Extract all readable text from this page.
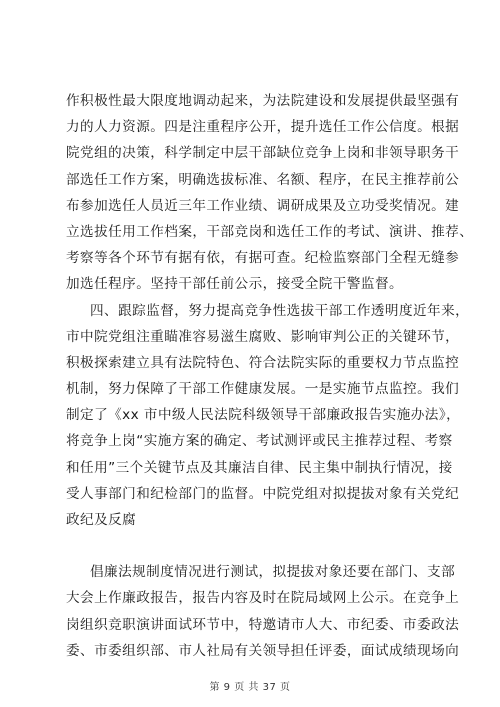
作积极性最大限度地调动起来，为法院建设和发展提供最坚强有
力的人力资源。四是注重程序公开，提升选任工作公信度。根据
院党组的决策，科学制定中层干部缺位竞争上岗和非领导职务干
部选任工作方案，明确选拔标准、名额、程序，在民主推荐前公
布参加选任人员近三年工作业绩、调研成果及立功受奖情况。建
立选拔任用工作档案，干部竞岗和选任工作的考试、演讲、推荐、
考察等各个环节有据有依，有据可查。纪检监察部门全程无缝参
加选任程序。坚持干部任前公示，接受全院干警监督。
四、跟踪监督，努力提高竞争性选拔干部工作透明度近年来，
市中院党组注重瞄准容易滋生腐败、影响审判公正的关键环节，
积极探索建立具有法院特色、符合法院实际的重要权力节点监控
机制，努力保障了干部工作健康发展。一是实施节点监控。我们
制定了《xx 市中级人民法院科级领导干部廉政报告实施办法》，
将竞争上岗“实施方案的确定、考试测评或民主推荐过程、考察
和任用”三个关键节点及其廉洁自律、民主集中制执行情况，接
受人事部门和纪检部门的监督。中院党组对拟提拔对象有关党纪
政纪及反腐
倡廉法规制度情况进行测试，拟提拔对象还要在部门、支部
大会上作廉政报告，报告内容及时在院局域网上公示。在竞争上
岗组织竞职演讲面试环节中，特邀请市人大、市纪委、市委政法
委、市委组织部、市人社局有关领导担任评委，面试成绩现场向
第 9 页 共 37 页
